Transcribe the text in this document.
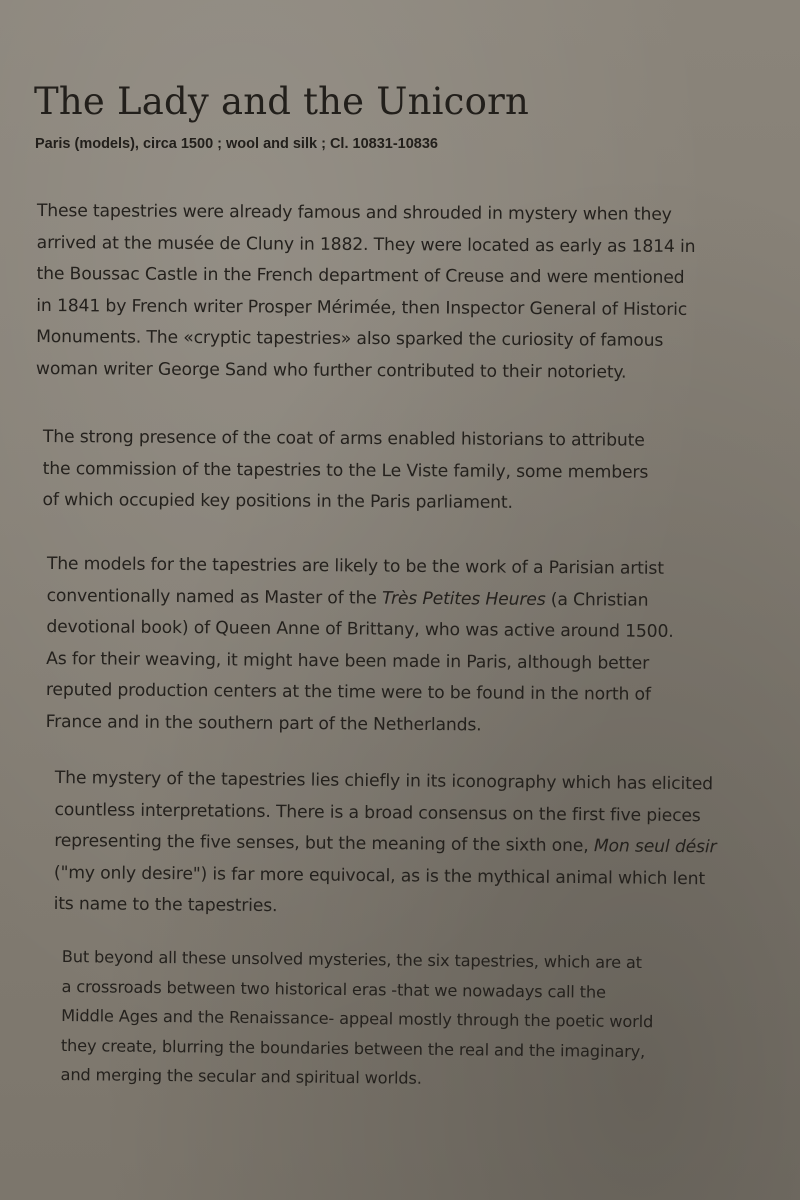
The Lady and the Unicorn
Paris (models), circa 1500 ; wool and silk ; Cl. 10831-10836

These tapestries were already famous and shrouded in mystery when they
arrived at the musée de Cluny in 1882. They were located as early as 1814 in
the Boussac Castle in the French department of Creuse and were mentioned
in 1841 by French writer Prosper Mérimée, then Inspector General of Historic
Monuments. The «cryptic tapestries» also sparked the curiosity of famous
woman writer George Sand who further contributed to their notoriety.

The strong presence of the coat of arms enabled historians to attribute
the commission of the tapestries to the Le Viste family, some members
of which occupied key positions in the Paris parliament.

The models for the tapestries are likely to be the work of a Parisian artist
conventionally named as Master of the Très Petites Heures (a Christian
devotional book) of Queen Anne of Brittany, who was active around 1500.
As for their weaving, it might have been made in Paris, although better
reputed production centers at the time were to be found in the north of
France and in the southern part of the Netherlands.

The mystery of the tapestries lies chiefly in its iconography which has elicited
countless interpretations. There is a broad consensus on the first five pieces
representing the five senses, but the meaning of the sixth one, Mon seul désir
("my only desire") is far more equivocal, as is the mythical animal which lent
its name to the tapestries.

But beyond all these unsolved mysteries, the six tapestries, which are at
a crossroads between two historical eras -that we nowadays call the
Middle Ages and the Renaissance- appeal mostly through the poetic world
they create, blurring the boundaries between the real and the imaginary,
and merging the secular and spiritual worlds.
